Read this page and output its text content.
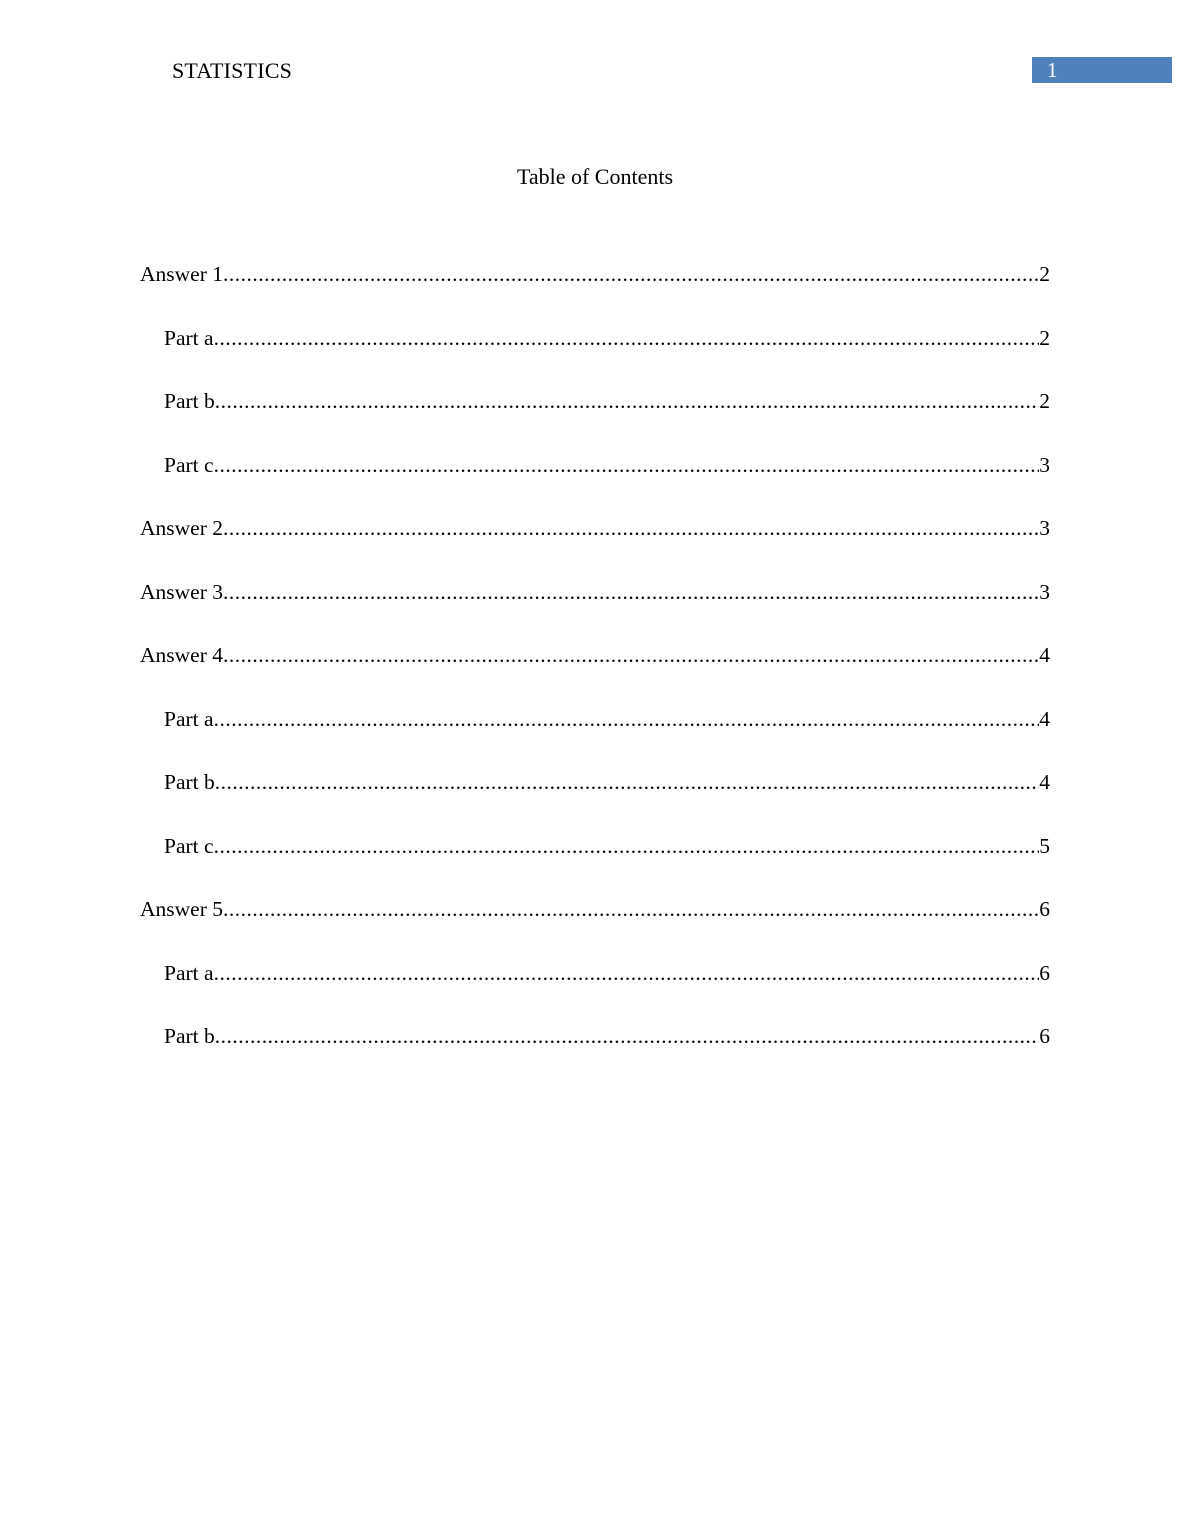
STATISTICS	1
Table of Contents
Answer 1 .....	2
Part a .....	2
Part b .....	2
Part c .....	3
Answer 2 .....	3
Answer 3 .....	3
Answer 4 .....	4
Part a .....	4
Part b .....	4
Part c .....	5
Answer 5 .....	6
Part a .....	6
Part b .....	6
